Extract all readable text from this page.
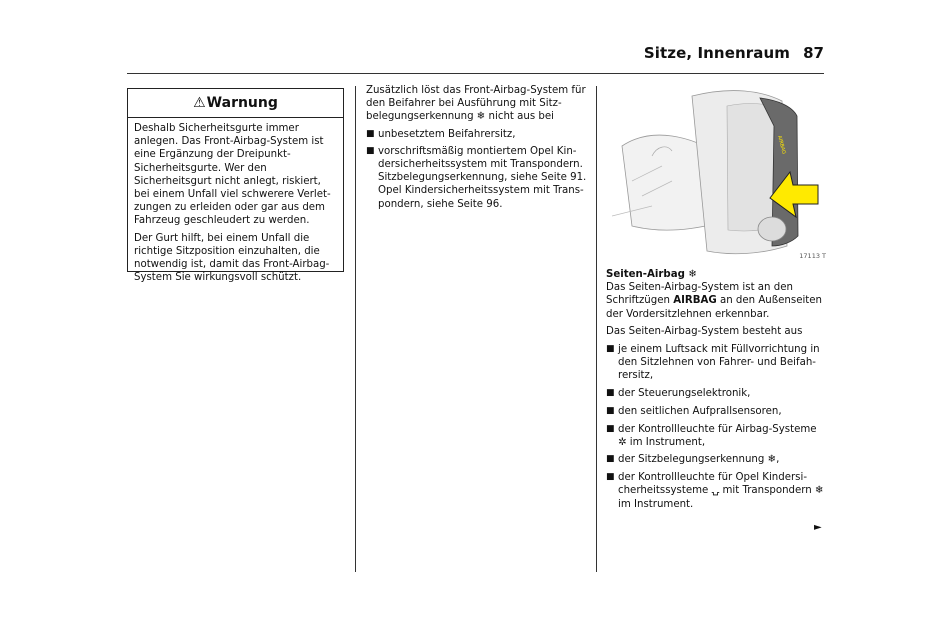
Sitze, Innenraum 87
⚠ Warnung

Deshalb Sicherheitsgurte immer anlegen. Das Front-Airbag-System ist eine Ergänzung der Dreipunkt-Sicherheitsgurte. Wer den Sicherheitsgurt nicht anlegt, riskiert, bei einem Unfall viel schwerere Verletzungen zu erleiden oder gar aus dem Fahrzeug geschleudert zu werden.

Der Gurt hilft, bei einem Unfall die richtige Sitzposition einzuhalten, die notwendig ist, damit das Front-Airbag-System Sie wirkungsvoll schützt.

Zusätzlich löst das Front-Airbag-System für den Beifahrer bei Ausführung mit Sitzbelegungserkennung ❄ nicht aus bei

■ unbesetztem Beifahrersitz,
■ vorschriftsmäßig montiertem Opel Kindersicherheitssystem mit Transpondern. Sitzbelegungserkennung, siehe Seite 91. Opel Kindersicherheitssystem mit Transpondern, siehe Seite 96.
AIRBAG
17113 T
Seiten-Airbag ❄

Das Seiten-Airbag-System ist an den Schriftzügen AIRBAG an den Außenseiten der Vordersitzlehnen erkennbar.

Das Seiten-Airbag-System besteht aus

■ je einem Luftsack mit Füllvorrichtung in den Sitzlehnen von Fahrer- und Beifahrersitz,
■ der Steuerungselektronik,
■ den seitlichen Aufprallsensoren,
■ der Kontrollleuchte für Airbag-Systeme ✲ im Instrument,
■ der Sitzbelegungserkennung ❄,
■ der Kontrollleuchte für Opel Kindersicherheitssysteme ⍽ mit Transpondern ❄ im Instrument.
►
